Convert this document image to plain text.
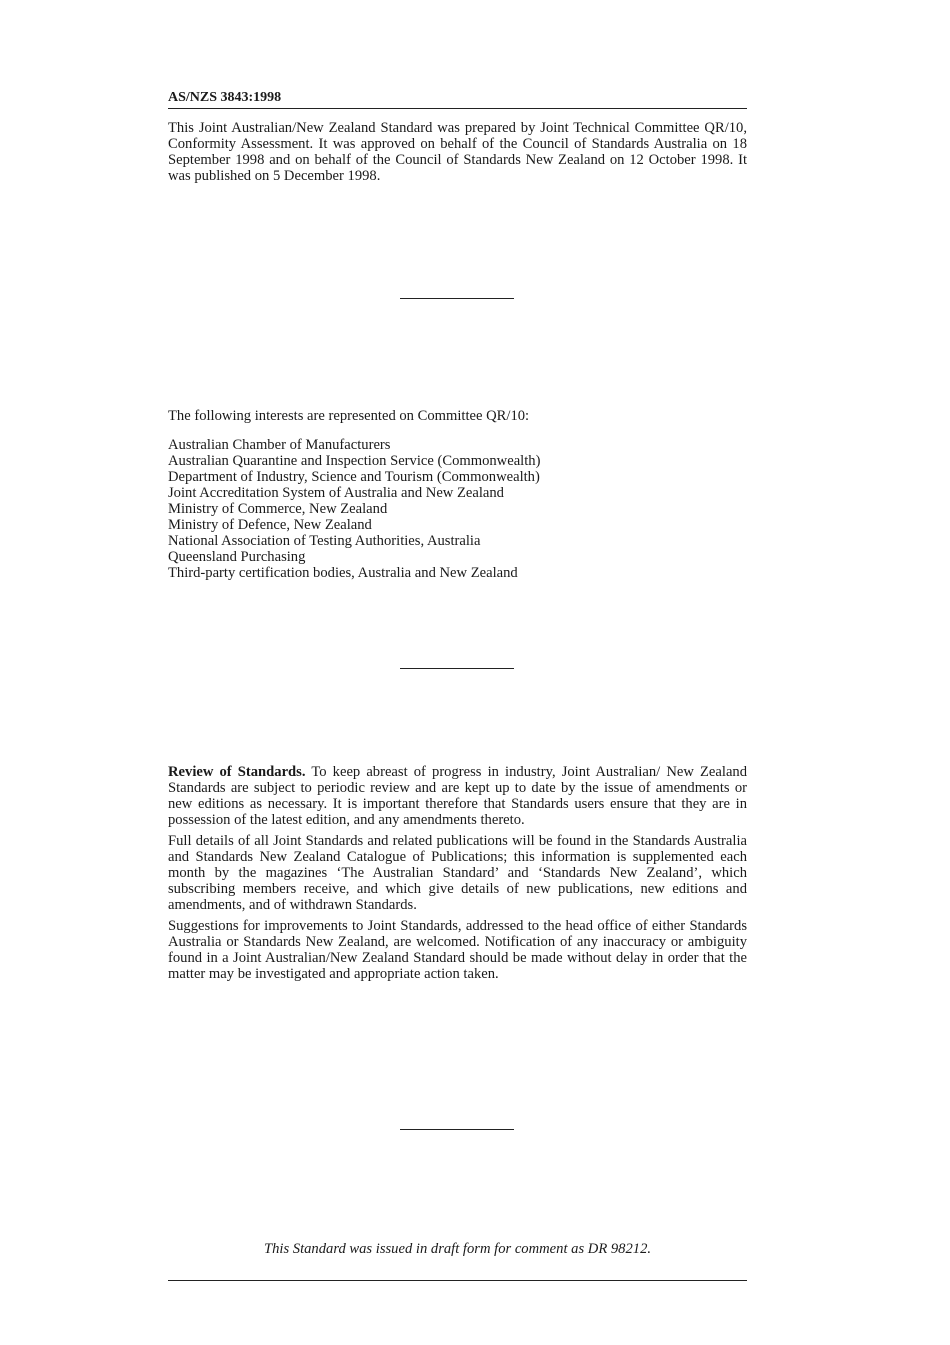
AS/NZS 3843:1998

This Joint Australian/New Zealand Standard was prepared by Joint Technical Committee QR/10, Conformity Assessment. It was approved on behalf of the Council of Standards Australia on 18 September 1998 and on behalf of the Council of Standards New Zealand on 12 October 1998. It was published on 5 December 1998.

The following interests are represented on Committee QR/10:

Australian Chamber of Manufacturers
Australian Quarantine and Inspection Service (Commonwealth)
Department of Industry, Science and Tourism (Commonwealth)
Joint Accreditation System of Australia and New Zealand
Ministry of Commerce, New Zealand
Ministry of Defence, New Zealand
National Association of Testing Authorities, Australia
Queensland Purchasing
Third-party certification bodies, Australia and New Zealand

Review of Standards. To keep abreast of progress in industry, Joint Australian/ New Zealand Standards are subject to periodic review and are kept up to date by the issue of amendments or new editions as necessary. It is important therefore that Standards users ensure that they are in possession of the latest edition, and any amendments thereto.

Full details of all Joint Standards and related publications will be found in the Standards Australia and Standards New Zealand Catalogue of Publications; this information is supplemented each month by the magazines ‘The Australian Standard’ and ‘Standards New Zealand’, which subscribing members receive, and which give details of new publications, new editions and amendments, and of withdrawn Standards.

Suggestions for improvements to Joint Standards, addressed to the head office of either Standards Australia or Standards New Zealand, are welcomed. Notification of any inaccuracy or ambiguity found in a Joint Australian/New Zealand Standard should be made without delay in order that the matter may be investigated and appropriate action taken.

This Standard was issued in draft form for comment as DR 98212.
